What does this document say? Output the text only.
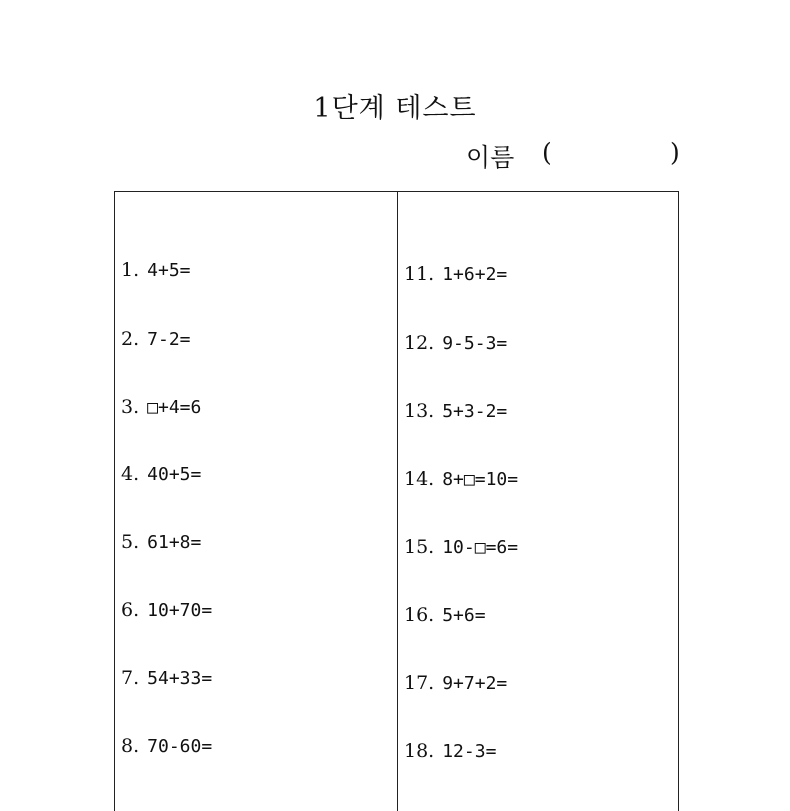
1단계 테스트
이름 (	)
1. 4+5=
2. 7-2=
3. □+4=6
4. 40+5=
5. 61+8=
6. 10+70=
7. 54+33=
8. 70-60=
11. 1+6+2=
12. 9-5-3=
13. 5+3-2=
14. 8+□=10=
15. 10-□=6=
16. 5+6=
17. 9+7+2=
18. 12-3=
